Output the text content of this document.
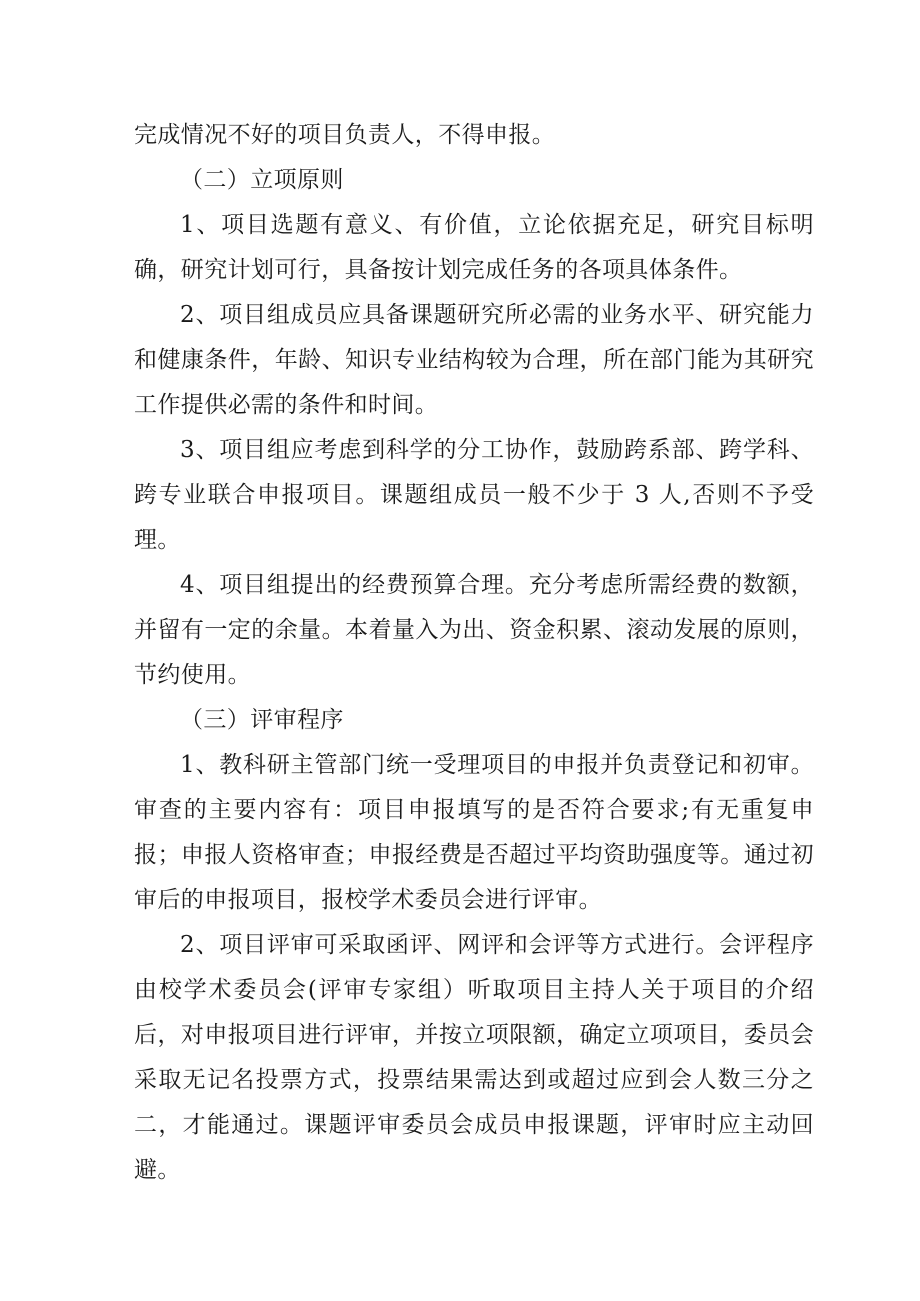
完成情况不好的项目负责人，不得申报。

（二）立项原则

1、项目选题有意义、有价值，立论依据充足，研究目标明确，研究计划可行，具备按计划完成任务的各项具体条件。

2、项目组成员应具备课题研究所必需的业务水平、研究能力和健康条件，年龄、知识专业结构较为合理，所在部门能为其研究工作提供必需的条件和时间。

3、项目组应考虑到科学的分工协作，鼓励跨系部、跨学科、跨专业联合申报项目。课题组成员一般不少于 3 人,否则不予受理。

4、项目组提出的经费预算合理。充分考虑所需经费的数额，并留有一定的余量。本着量入为出、资金积累、滚动发展的原则，节约使用。

（三）评审程序

1、教科研主管部门统一受理项目的申报并负责登记和初审。审查的主要内容有：项目申报填写的是否符合要求;有无重复申报；申报人资格审查；申报经费是否超过平均资助强度等。通过初审后的申报项目，报校学术委员会进行评审。

2、项目评审可采取函评、网评和会评等方式进行。会评程序由校学术委员会(评审专家组）听取项目主持人关于项目的介绍后，对申报项目进行评审，并按立项限额，确定立项项目，委员会采取无记名投票方式，投票结果需达到或超过应到会人数三分之二，才能通过。课题评审委员会成员申报课题，评审时应主动回避。
